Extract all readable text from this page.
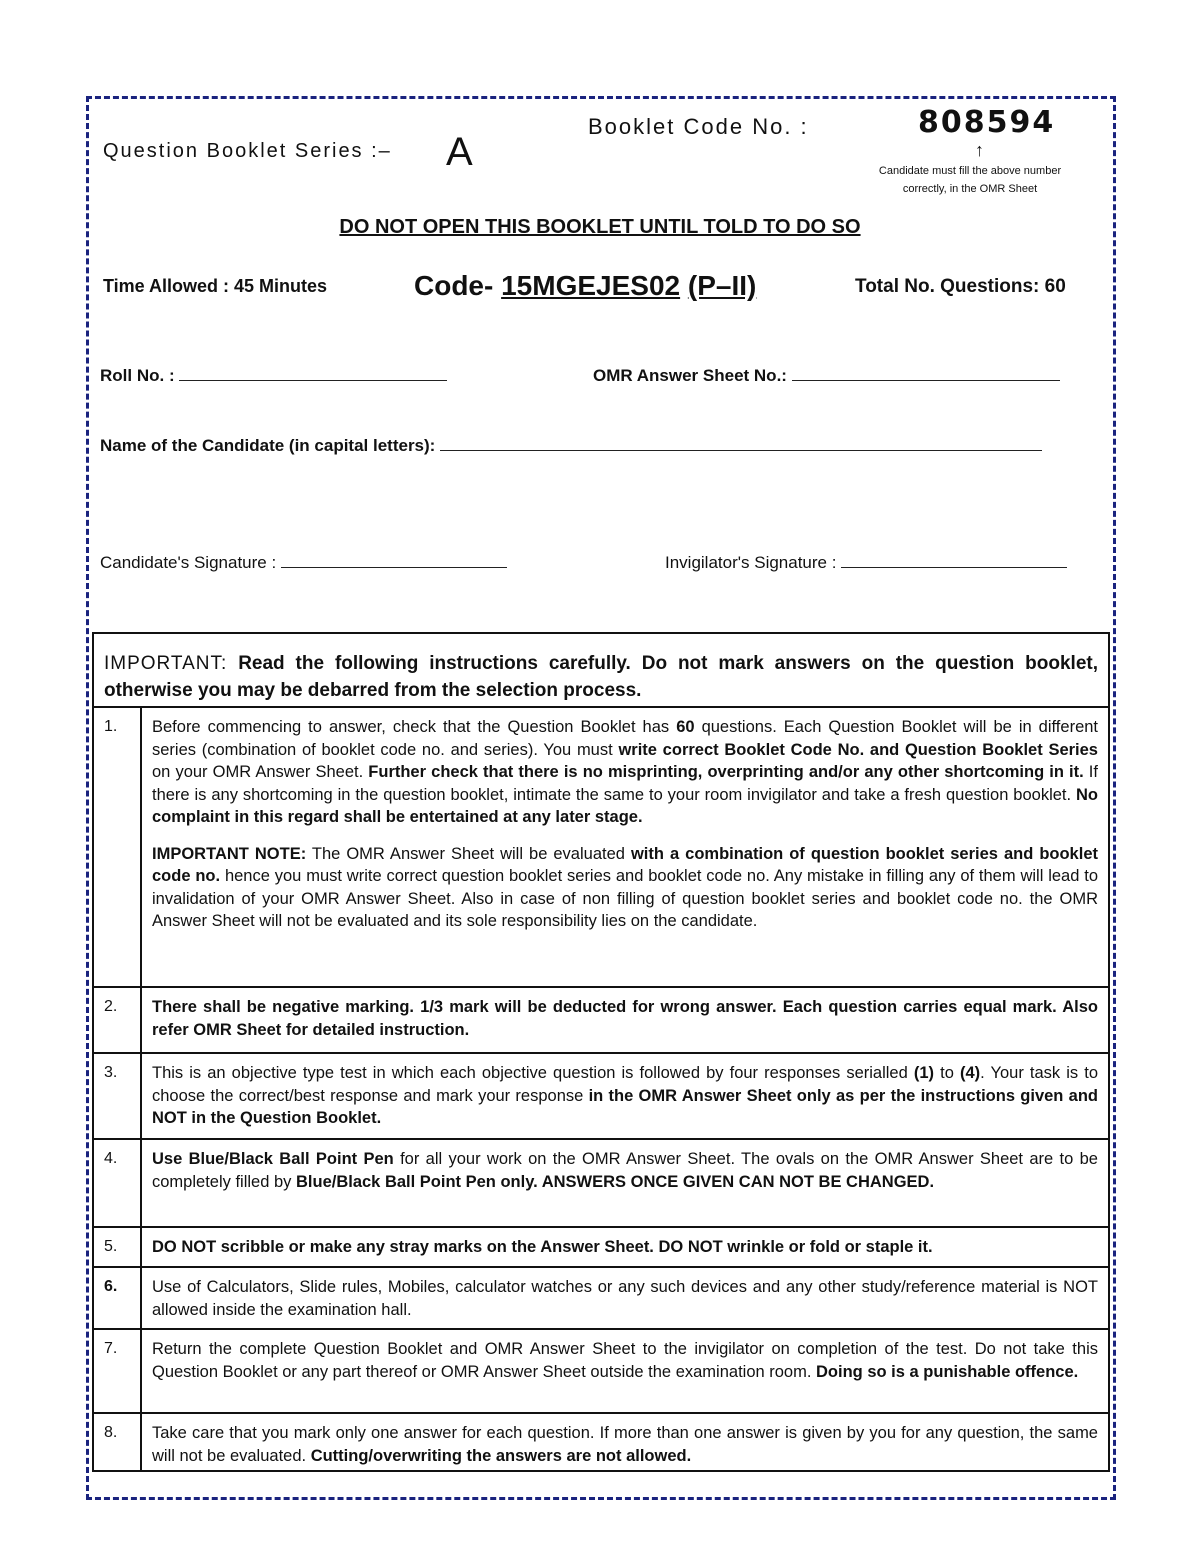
Question Booklet Series :– A
Booklet Code No. :	808594
↑
Candidate must fill the above number correctly, in the OMR Sheet
DO NOT OPEN THIS BOOKLET UNTIL TOLD TO DO SO
Time Allowed : 45 Minutes	Code- 15MGEJES02 (P–II)	Total No. Questions: 60
Roll No. :	OMR Answer Sheet No.:
Name of the Candidate (in capital letters):
Candidate's Signature :	Invigilator's Signature :
IMPORTANT: Read the following instructions carefully. Do not mark answers on the question booklet, otherwise you may be debarred from the selection process.
1.	Before commencing to answer, check that the Question Booklet has 60 questions. Each Question Booklet will be in different series (combination of booklet code no. and series). You must write correct Booklet Code No. and Question Booklet Series on your OMR Answer Sheet. Further check that there is no misprinting, overprinting and/or any other shortcoming in it. If there is any shortcoming in the question booklet, intimate the same to your room invigilator and take a fresh question booklet. No complaint in this regard shall be entertained at any later stage.

IMPORTANT NOTE: The OMR Answer Sheet will be evaluated with a combination of question booklet series and booklet code no. hence you must write correct question booklet series and booklet code no. Any mistake in filling any of them will lead to invalidation of your OMR Answer Sheet. Also in case of non filling of question booklet series and booklet code no. the OMR Answer Sheet will not be evaluated and its sole responsibility lies on the candidate.

2.	There shall be negative marking. 1/3 mark will be deducted for wrong answer. Each question carries equal mark. Also refer OMR Sheet for detailed instruction.

3.	This is an objective type test in which each objective question is followed by four responses serialled (1) to (4). Your task is to choose the correct/best response and mark your response in the OMR Answer Sheet only as per the instructions given and NOT in the Question Booklet.

4.	Use Blue/Black Ball Point Pen for all your work on the OMR Answer Sheet. The ovals on the OMR Answer Sheet are to be completely filled by Blue/Black Ball Point Pen only. ANSWERS ONCE GIVEN CAN NOT BE CHANGED.

5.	DO NOT scribble or make any stray marks on the Answer Sheet. DO NOT wrinkle or fold or staple it.

6.	Use of Calculators, Slide rules, Mobiles, calculator watches or any such devices and any other study/reference material is NOT allowed inside the examination hall.

7.	Return the complete Question Booklet and OMR Answer Sheet to the invigilator on completion of the test. Do not take this Question Booklet or any part thereof or OMR Answer Sheet outside the examination room. Doing so is a punishable offence.

8.	Take care that you mark only one answer for each question. If more than one answer is given by you for any question, the same will not be evaluated. Cutting/overwriting the answers are not allowed.
